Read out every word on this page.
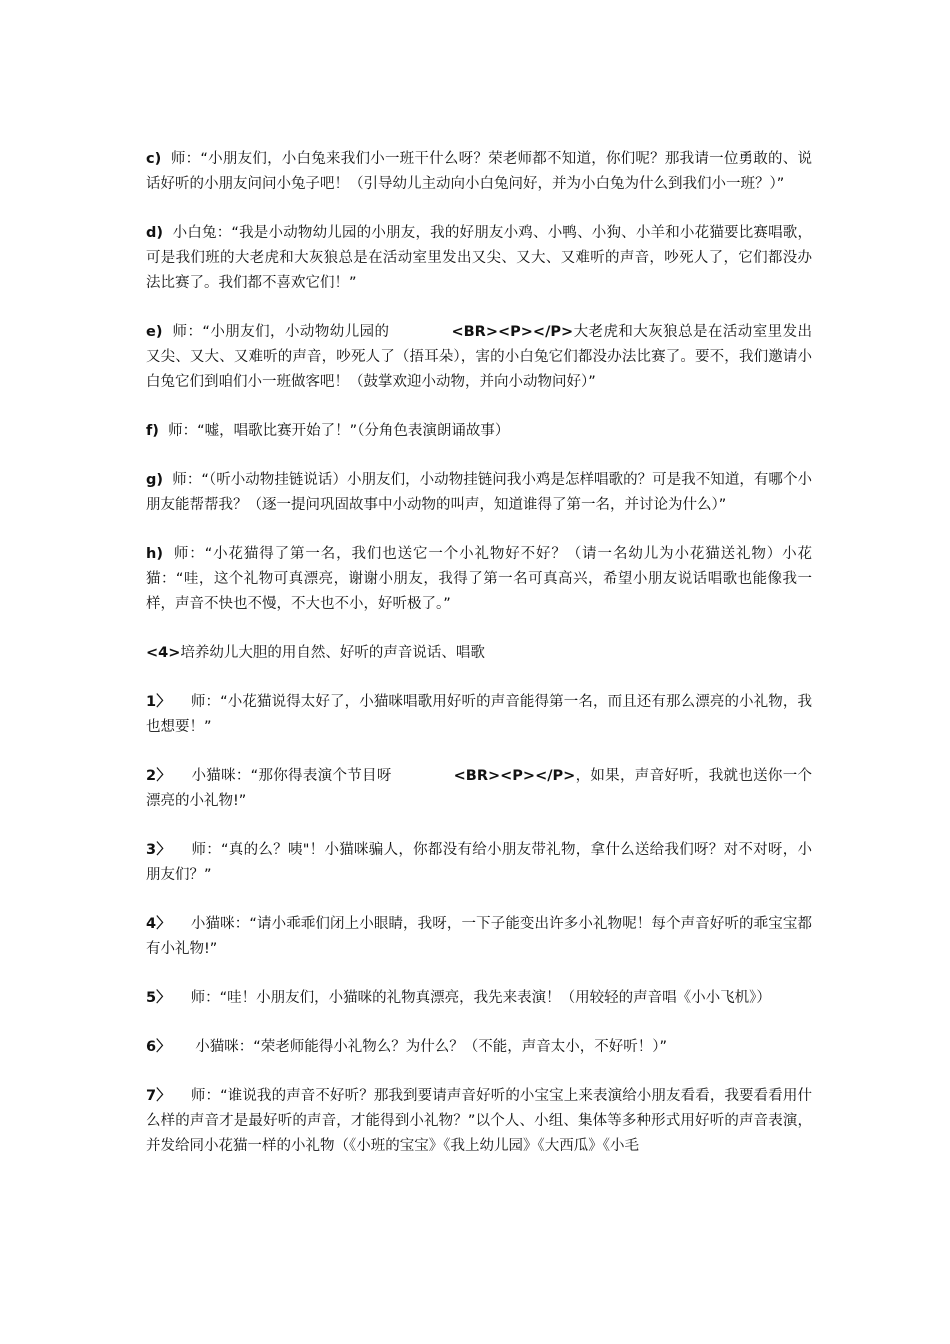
c)  师：“小朋友们，小白兔来我们小一班干什么呀？荣老师都不知道，你们呢？那我请一位勇敢的、说话好听的小朋友问问小兔子吧！（引导幼儿主动向小白兔问好，并为小白兔为什么到我们小一班？）”

d)  小白兔：“我是小动物幼儿园的小朋友，我的好朋友小鸡、小鸭、小狗、小羊和小花猫要比赛唱歌，可是我们班的大老虎和大灰狼总是在活动室里发出又尖、又大、又难听的声音，吵死人了，它们都没办法比赛了。我们都不喜欢它们！”

e)  师：“小朋友们，小动物幼儿园的	<BR><P></P>大老虎和大灰狼总是在活动室里发出又尖、又大、又难听的声音，吵死人了（捂耳朵），害的小白兔它们都没办法比赛了。要不，我们邀请小白兔它们到咱们小一班做客吧！（鼓掌欢迎小动物，并向小动物问好）”

f)  师：“嘘，唱歌比赛开始了！”（分角色表演朗诵故事）

g)  师：“（听小动物挂链说话）小朋友们，小动物挂链问我小鸡是怎样唱歌的？可是我不知道，有哪个小朋友能帮帮我？（逐一提问巩固故事中小动物的叫声，知道谁得了第一名，并讨论为什么）”

h)  师：“小花猫得了第一名，我们也送它一个小礼物好不好？（请一名幼儿为小花猫送礼物）小花猫：“哇，这个礼物可真漂亮，谢谢小朋友，我得了第一名可真高兴，希望小朋友说话唱歌也能像我一样，声音不快也不慢，不大也不小，好听极了。”

<4>培养幼儿大胆的用自然、好听的声音说话、唱歌

1〉 师：“小花猫说得太好了，小猫咪唱歌用好听的声音能得第一名，而且还有那么漂亮的小礼物，我也想要！”

2〉 小猫咪：“那你得表演个节目呀	<BR><P></P>，如果，声音好听，我就也送你一个漂亮的小礼物!”

3〉 师：“真的么？咦"！小猫咪骗人，你都没有给小朋友带礼物，拿什么送给我们呀？对不对呀，小朋友们？”

4〉 小猫咪：“请小乖乖们闭上小眼睛，我呀，一下子能变出许多小礼物呢！每个声音好听的乖宝宝都有小礼物!”

5〉 师：“哇！小朋友们，小猫咪的礼物真漂亮，我先来表演！（用较轻的声音唱《小小飞机》）

6〉 小猫咪：“荣老师能得小礼物么？为什么？（不能，声音太小，不好听！）”

7〉 师：“谁说我的声音不好听？那我到要请声音好听的小宝宝上来表演给小朋友看看，我要看看用什么样的声音才是最好听的声音，才能得到小礼物？”以个人、小组、集体等多种形式用好听的声音表演，并发给同小花猫一样的小礼物（《小班的宝宝》《我上幼儿园》《大西瓜》《小毛
